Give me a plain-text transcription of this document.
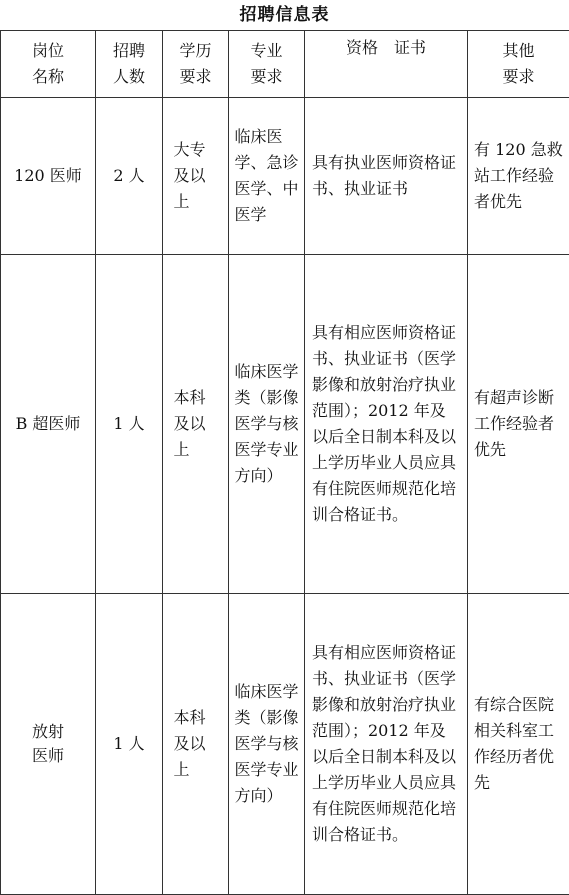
招聘信息表
岗位名称	招聘人数	学历要求	专业要求	资格　证书	其他要求

120 医师	2 人	大专及以上	临床医学、急诊医学、中医学	具有执业医师资格证书、执业证书	有 120 急救站工作经验者优先

B 超医师	1 人	本科及以上	临床医学类（影像医学与核医学专业方向）	具有相应医师资格证书、执业证书（医学影像和放射治疗执业范围）；2012 年及以后全日制本科及以上学历毕业人员应具有住院医师规范化培训合格证书。	有超声诊断工作经验者优先

放射医师	1 人	本科及以上	临床医学类（影像医学与核医学专业方向）	具有相应医师资格证书、执业证书（医学影像和放射治疗执业范围）；2012 年及以后全日制本科及以上学历毕业人员应具有住院医师规范化培训合格证书。	有综合医院相关科室工作经历者优先
